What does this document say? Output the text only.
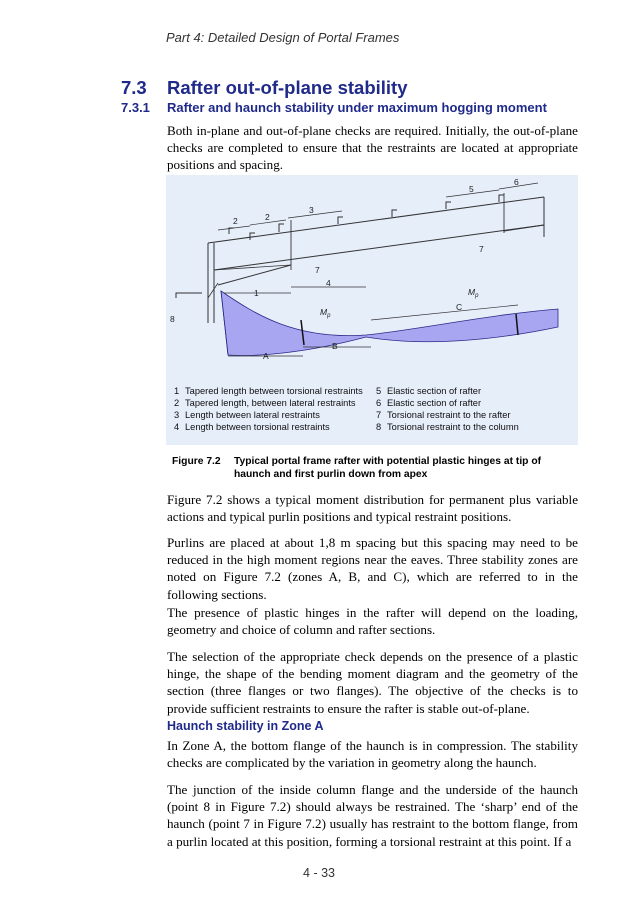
Part 4: Detailed Design of Portal Frames
7.3 Rafter out-of-plane stability
7.3.1 Rafter and haunch stability under maximum hogging moment
Both in-plane and out-of-plane checks are required. Initially, the out-of-plane checks are completed to ensure that the restraints are located at appropriate positions and spacing.
2	2
3
5
6
7
7
4
1
8
A
B
C
$M_p$
$M_p$
1 Tapered length between torsional restraints
2 Tapered length, between lateral restraints
3 Length between lateral restraints
4 Length between torsional restraints
5 Elastic section of rafter
6 Elastic section of rafter
7 Torsional restraint to the rafter
8 Torsional restraint to the column
Figure 7.2 Typical portal frame rafter with potential plastic hinges at tip of haunch and first purlin down from apex
Figure 7.2 shows a typical moment distribution for permanent plus variable actions and typical purlin positions and typical restraint positions.
Purlins are placed at about 1,8 m spacing but this spacing may need to be reduced in the high moment regions near the eaves. Three stability zones are noted on Figure 7.2 (zones A, B, and C), which are referred to in the following sections.
The presence of plastic hinges in the rafter will depend on the loading, geometry and choice of column and rafter sections.
The selection of the appropriate check depends on the presence of a plastic hinge, the shape of the bending moment diagram and the geometry of the section (three flanges or two flanges). The objective of the checks is to provide sufficient restraints to ensure the rafter is stable out-of-plane.
Haunch stability in Zone A
In Zone A, the bottom flange of the haunch is in compression. The stability checks are complicated by the variation in geometry along the haunch.
The junction of the inside column flange and the underside of the haunch (point 8 in Figure 7.2) should always be restrained. The ‘sharp’ end of the haunch (point 7 in Figure 7.2) usually has restraint to the bottom flange, from a purlin located at this position, forming a torsional restraint at this point. If a
4 - 33
